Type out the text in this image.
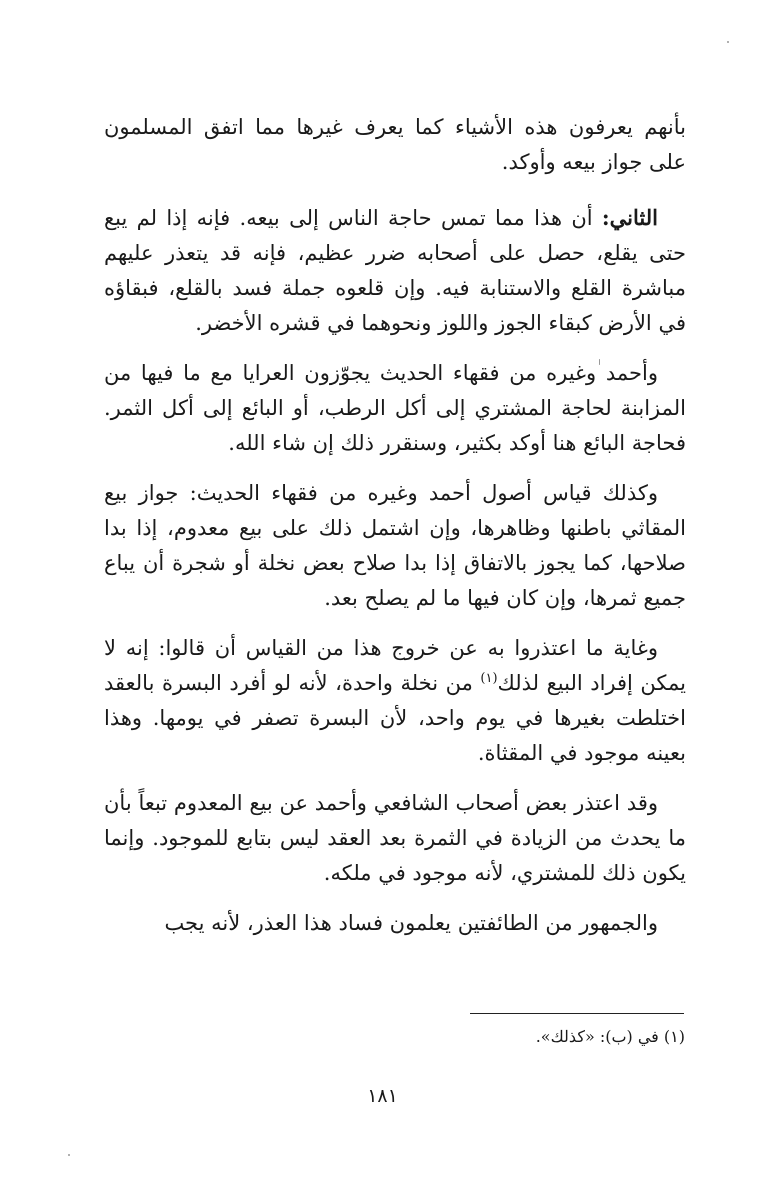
بأنهم يعرفون هذه الأشياء كما يعرف غيرها مما اتفق المسلمون على جواز بيعه وأوكد.

الثاني: أن هذا مما تمس حاجة الناس إلى بيعه. فإنه إذا لم يبع حتى يقلع، حصل على أصحابه ضرر عظيم، فإنه قد يتعذر عليهم مباشرة القلع والاستنابة فيه. وإن قلعوه جملة فسد بالقلع، فبقاؤه في الأرض كبقاء الجوز واللوز ونحوهما في قشره الأخضر.

وأحمد وغيره من فقهاء الحديث يجوّزون العرايا مع ما فيها من المزابنة لحاجة المشتري إلى أكل الرطب، أو البائع إلى أكل الثمر. فحاجة البائع هنا أوكد بكثير، وسنقرر ذلك إن شاء الله.

وكذلك قياس أصول أحمد وغيره من فقهاء الحديث: جواز بيع المقاثي باطنها وظاهرها، وإن اشتمل ذلك على بيع معدوم، إذا بدا صلاحها، كما يجوز بالاتفاق إذا بدا صلاح بعض نخلة أو شجرة أن يباع جميع ثمرها، وإن كان فيها ما لم يصلح بعد.

وغاية ما اعتذروا به عن خروج هذا من القياس أن قالوا: إنه لا يمكن إفراد البيع لذلك$^{(١)}$ من نخلة واحدة، لأنه لو أفرد البسرة بالعقد اختلطت بغيرها في يوم واحد، لأن البسرة تصفر في يومها. وهذا بعينه موجود في المقثاة.

وقد اعتذر بعض أصحاب الشافعي وأحمد عن بيع المعدوم تبعاً بأن ما يحدث من الزيادة في الثمرة بعد العقد ليس بتابع للموجود. وإنما يكون ذلك للمشتري، لأنه موجود في ملكه.

والجمهور من الطائفتين يعلمون فساد هذا العذر، لأنه يجب

(١) في (ب): «كذلك».
١٨١
